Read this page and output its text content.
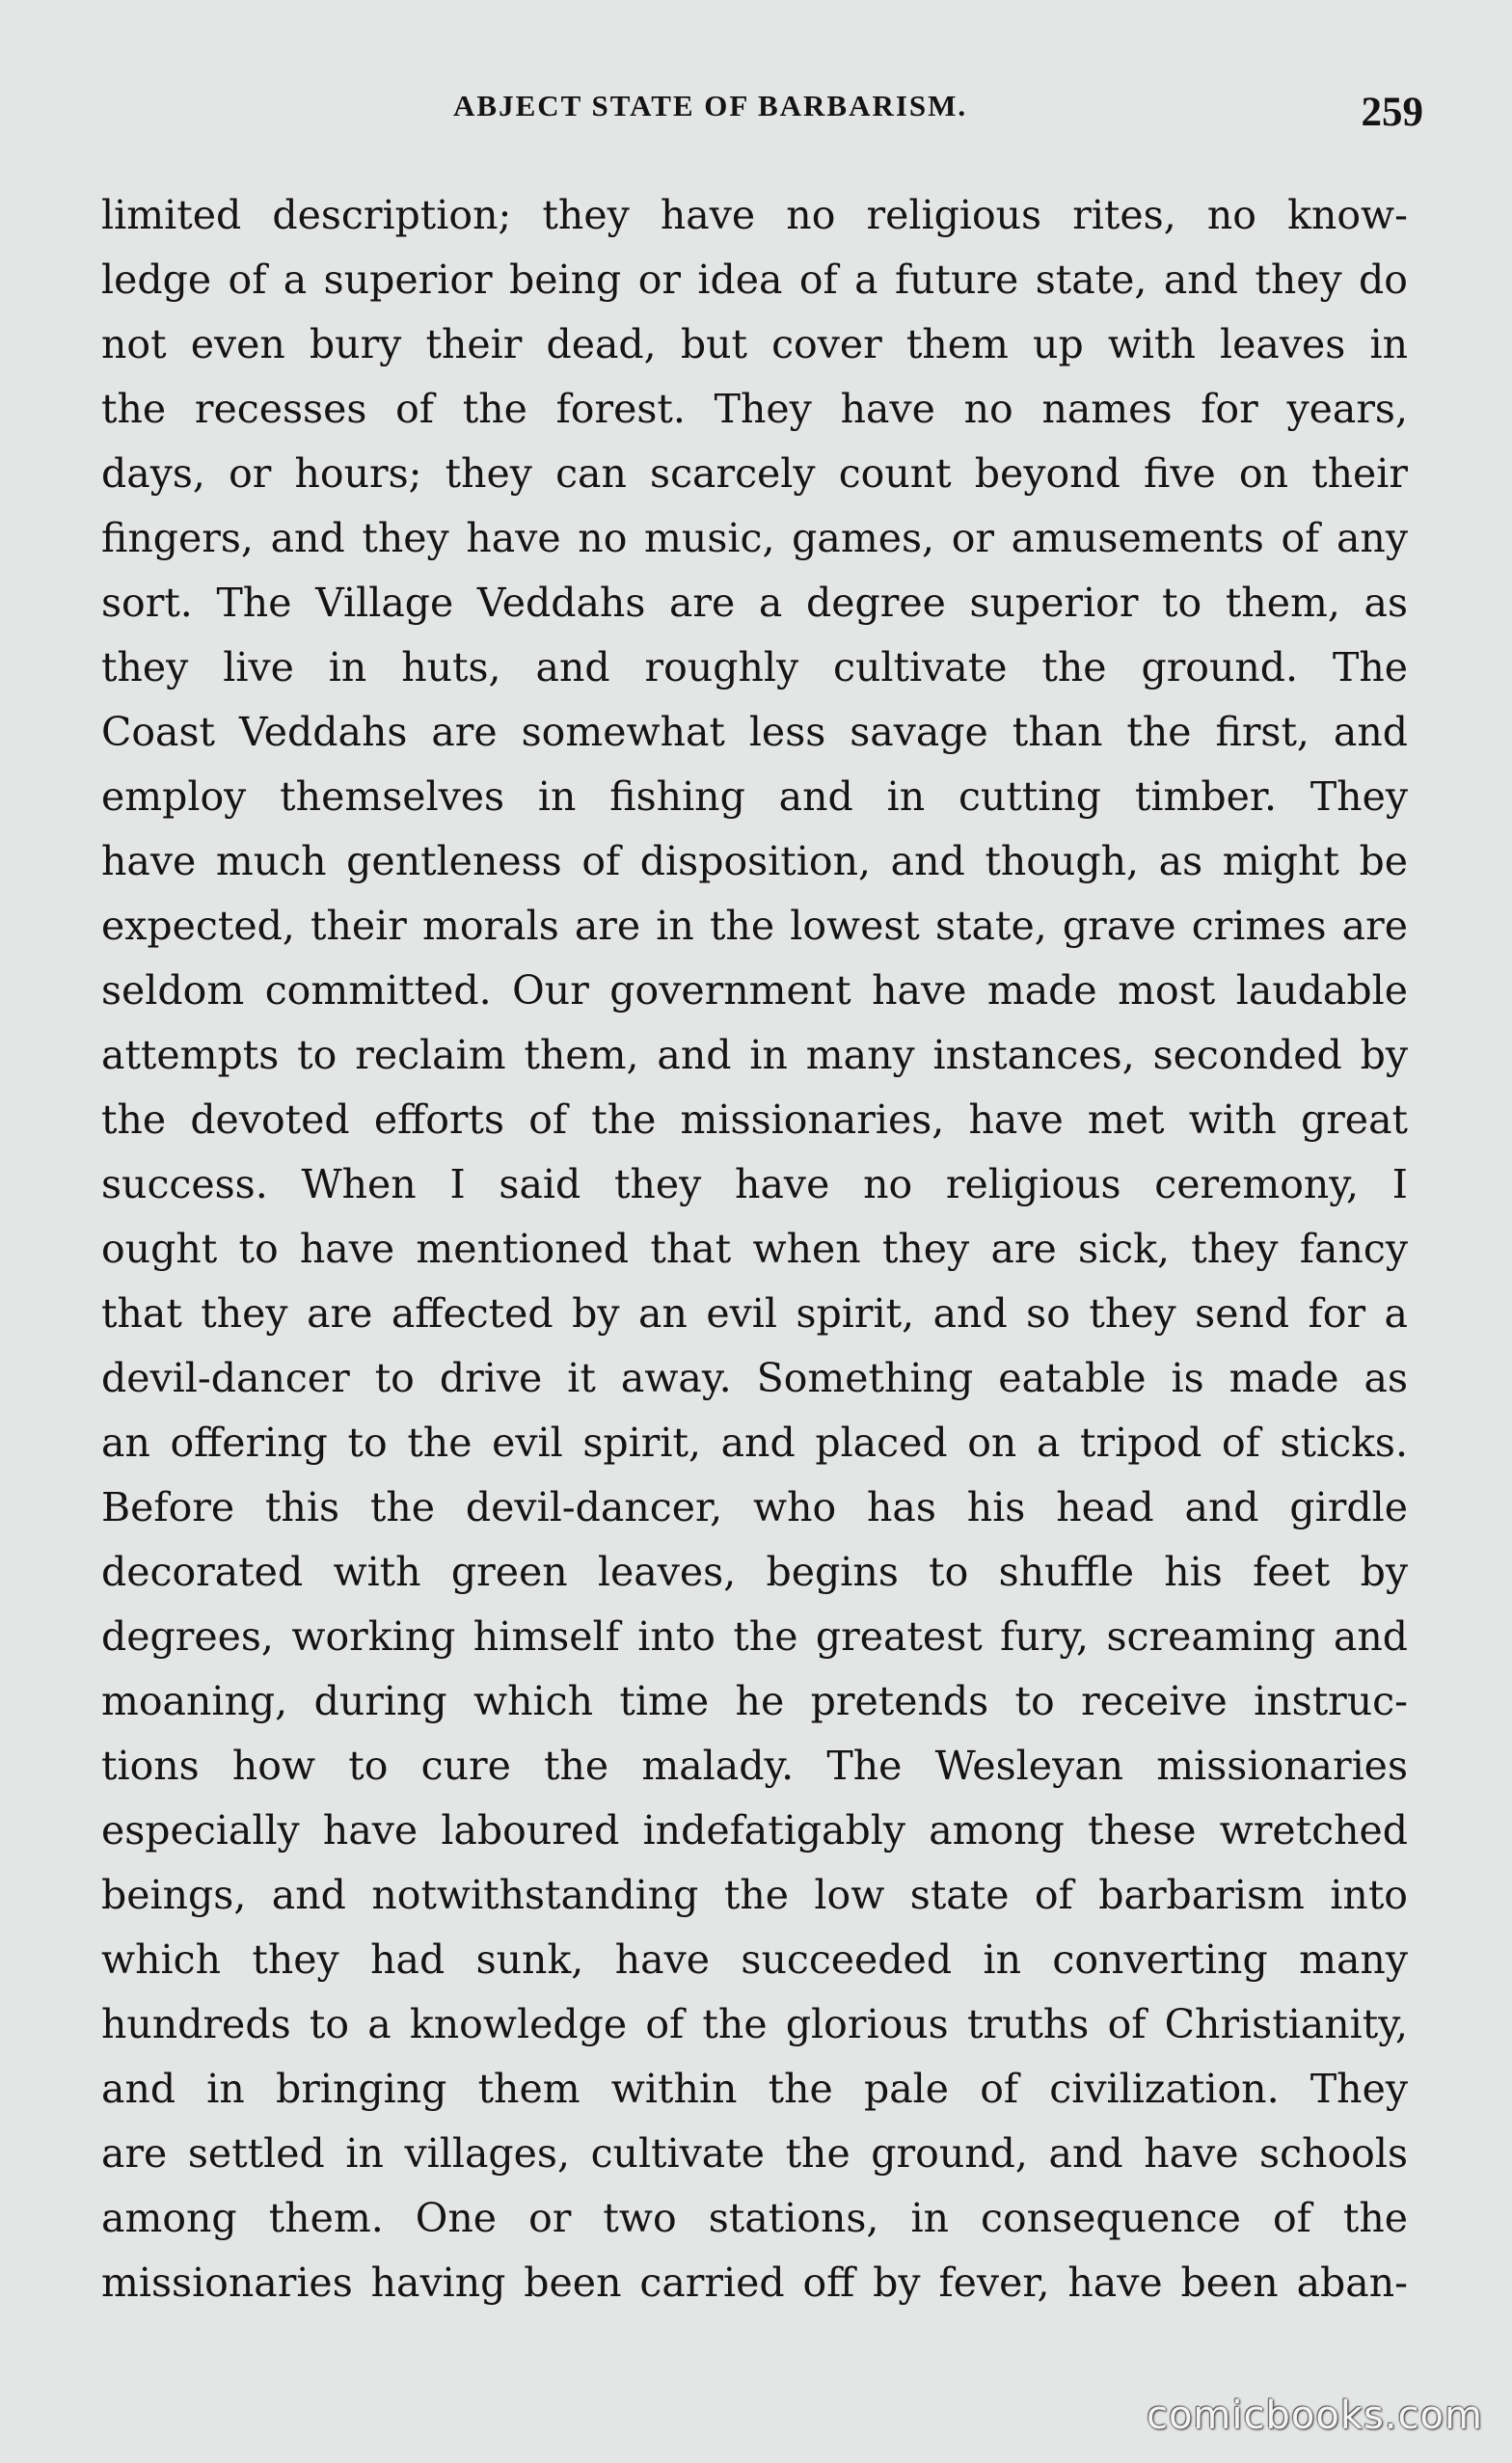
ABJECT STATE OF BARBARISM.	259
limited description; they have no religious rites, no know-
ledge of a superior being or idea of a future state, and they do
not even bury their dead, but cover them up with leaves in
the recesses of the forest. They have no names for years,
days, or hours; they can scarcely count beyond five on their
fingers, and they have no music, games, or amusements of any
sort. The Village Veddahs are a degree superior to them, as
they live in huts, and roughly cultivate the ground. The
Coast Veddahs are somewhat less savage than the first, and
employ themselves in fishing and in cutting timber. They
have much gentleness of disposition, and though, as might be
expected, their morals are in the lowest state, grave crimes are
seldom committed. Our government have made most laudable
attempts to reclaim them, and in many instances, seconded by
the devoted efforts of the missionaries, have met with great
success. When I said they have no religious ceremony, I
ought to have mentioned that when they are sick, they fancy
that they are affected by an evil spirit, and so they send for a
devil-dancer to drive it away. Something eatable is made as
an offering to the evil spirit, and placed on a tripod of sticks.
Before this the devil-dancer, who has his head and girdle
decorated with green leaves, begins to shuffle his feet by
degrees, working himself into the greatest fury, screaming and
moaning, during which time he pretends to receive instruc-
tions how to cure the malady. The Wesleyan missionaries
especially have laboured indefatigably among these wretched
beings, and notwithstanding the low state of barbarism into
which they had sunk, have succeeded in converting many
hundreds to a knowledge of the glorious truths of Christianity,
and in bringing them within the pale of civilization. They
are settled in villages, cultivate the ground, and have schools
among them. One or two stations, in consequence of the
missionaries having been carried off by fever, have been aban-
comicbooks.com
